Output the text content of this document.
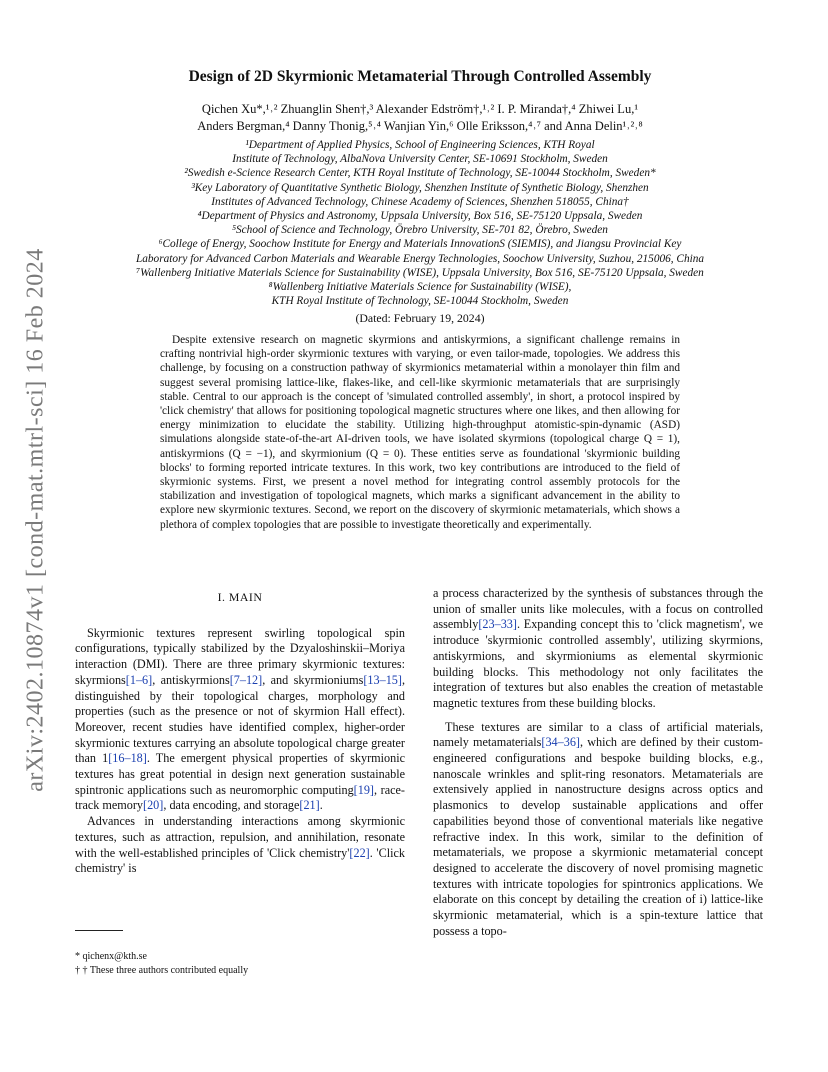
arXiv:2402.10874v1 [cond-mat.mtrl-sci] 16 Feb 2024
Design of 2D Skyrmionic Metamaterial Through Controlled Assembly
Qichen Xu*,¹˒² Zhuanglin Shen†,³ Alexander Edström†,¹˒² I. P. Miranda†,⁴ Zhiwei Lu,¹
Anders Bergman,⁴ Danny Thonig,⁵˒⁴ Wanjian Yin,⁶ Olle Eriksson,⁴˒⁷ and Anna Delin¹˒²˒⁸
¹Department of Applied Physics, School of Engineering Sciences, KTH Royal
Institute of Technology, AlbaNova University Center, SE-10691 Stockholm, Sweden
²Swedish e-Science Research Center, KTH Royal Institute of Technology, SE-10044 Stockholm, Sweden*
³Key Laboratory of Quantitative Synthetic Biology, Shenzhen Institute of Synthetic Biology, Shenzhen
Institutes of Advanced Technology, Chinese Academy of Sciences, Shenzhen 518055, China†
⁴Department of Physics and Astronomy, Uppsala University, Box 516, SE-75120 Uppsala, Sweden
⁵School of Science and Technology, Örebro University, SE-701 82, Örebro, Sweden
⁶College of Energy, Soochow Institute for Energy and Materials InnovationS (SIEMIS), and Jiangsu Provincial Key
Laboratory for Advanced Carbon Materials and Wearable Energy Technologies, Soochow University, Suzhou, 215006, China
⁷Wallenberg Initiative Materials Science for Sustainability (WISE), Uppsala University, Box 516, SE-75120 Uppsala, Sweden
⁸Wallenberg Initiative Materials Science for Sustainability (WISE),
KTH Royal Institute of Technology, SE-10044 Stockholm, Sweden
(Dated: February 19, 2024)
Despite extensive research on magnetic skyrmions and antiskyrmions, a significant challenge remains in crafting nontrivial high-order skyrmionic textures with varying, or even tailor-made, topologies. We address this challenge, by focusing on a construction pathway of skyrmionics metamaterial within a monolayer thin film and suggest several promising lattice-like, flakes-like, and cell-like skyrmionic metamaterials that are surprisingly stable. Central to our approach is the concept of 'simulated controlled assembly', in short, a protocol inspired by 'click chemistry' that allows for positioning topological magnetic structures where one likes, and then allowing for energy minimization to elucidate the stability. Utilizing high-throughput atomistic-spin-dynamic (ASD) simulations alongside state-of-the-art AI-driven tools, we have isolated skyrmions (topological charge Q = 1), antiskyrmions (Q = −1), and skyrmionium (Q = 0). These entities serve as foundational 'skyrmionic building blocks' to forming reported intricate textures. In this work, two key contributions are introduced to the field of skyrmionic systems. First, we present a novel method for integrating control assembly protocols for the stabilization and investigation of topological magnets, which marks a significant advancement in the ability to explore new skyrmionic textures. Second, we report on the discovery of skyrmionic metamaterials, which shows a plethora of complex topologies that are possible to investigate theoretically and experimentally.
I. MAIN

Skyrmionic textures represent swirling topological spin configurations, typically stabilized by the Dzyaloshinskii–Moriya interaction (DMI). There are three primary skyrmionic textures: skyrmions[1–6], antiskyrmions[7–12], and skyrmioniums[13–15], distinguished by their topological charges, morphology and properties (such as the presence or not of skyrmion Hall effect). Moreover, recent studies have identified complex, higher-order skyrmionic textures carrying an absolute topological charge greater than 1[16–18]. The emergent physical properties of skyrmionic textures has great potential in design next generation sustainable spintronic applications such as neuromorphic computing[19], race-track memory[20], data encoding, and storage[21].

Advances in understanding interactions among skyrmionic textures, such as attraction, repulsion, and annihilation, resonate with the well-established principles of 'Click chemistry'[22]. 'Click chemistry' is

a process characterized by the synthesis of substances through the union of smaller units like molecules, with a focus on controlled assembly[23–33]. Expanding concept this to 'click magnetism', we introduce 'skyrmionic controlled assembly', utilizing skyrmions, antiskyrmions, and skyrmioniums as elemental skyrmionic building blocks. This methodology not only facilitates the integration of textures but also enables the creation of metastable magnetic textures from these building blocks.

These textures are similar to a class of artificial materials, namely metamaterials[34–36], which are defined by their custom-engineered configurations and bespoke building blocks, e.g., nanoscale wrinkles and split-ring resonators. Metamaterials are extensively applied in nanostructure designs across optics and plasmonics to develop sustainable applications and offer capabilities beyond those of conventional materials like negative refractive index. In this work, similar to the definition of metamaterials, we propose a skyrmionic metamaterial concept designed to accelerate the discovery of novel promising magnetic textures with intricate topologies for spintronics applications. We elaborate on this concept by detailing the creation of i) lattice-like skyrmionic metamaterial, which is a spin-texture lattice that possess a topo-

* qichenx@kth.se
† † These three authors contributed equally
